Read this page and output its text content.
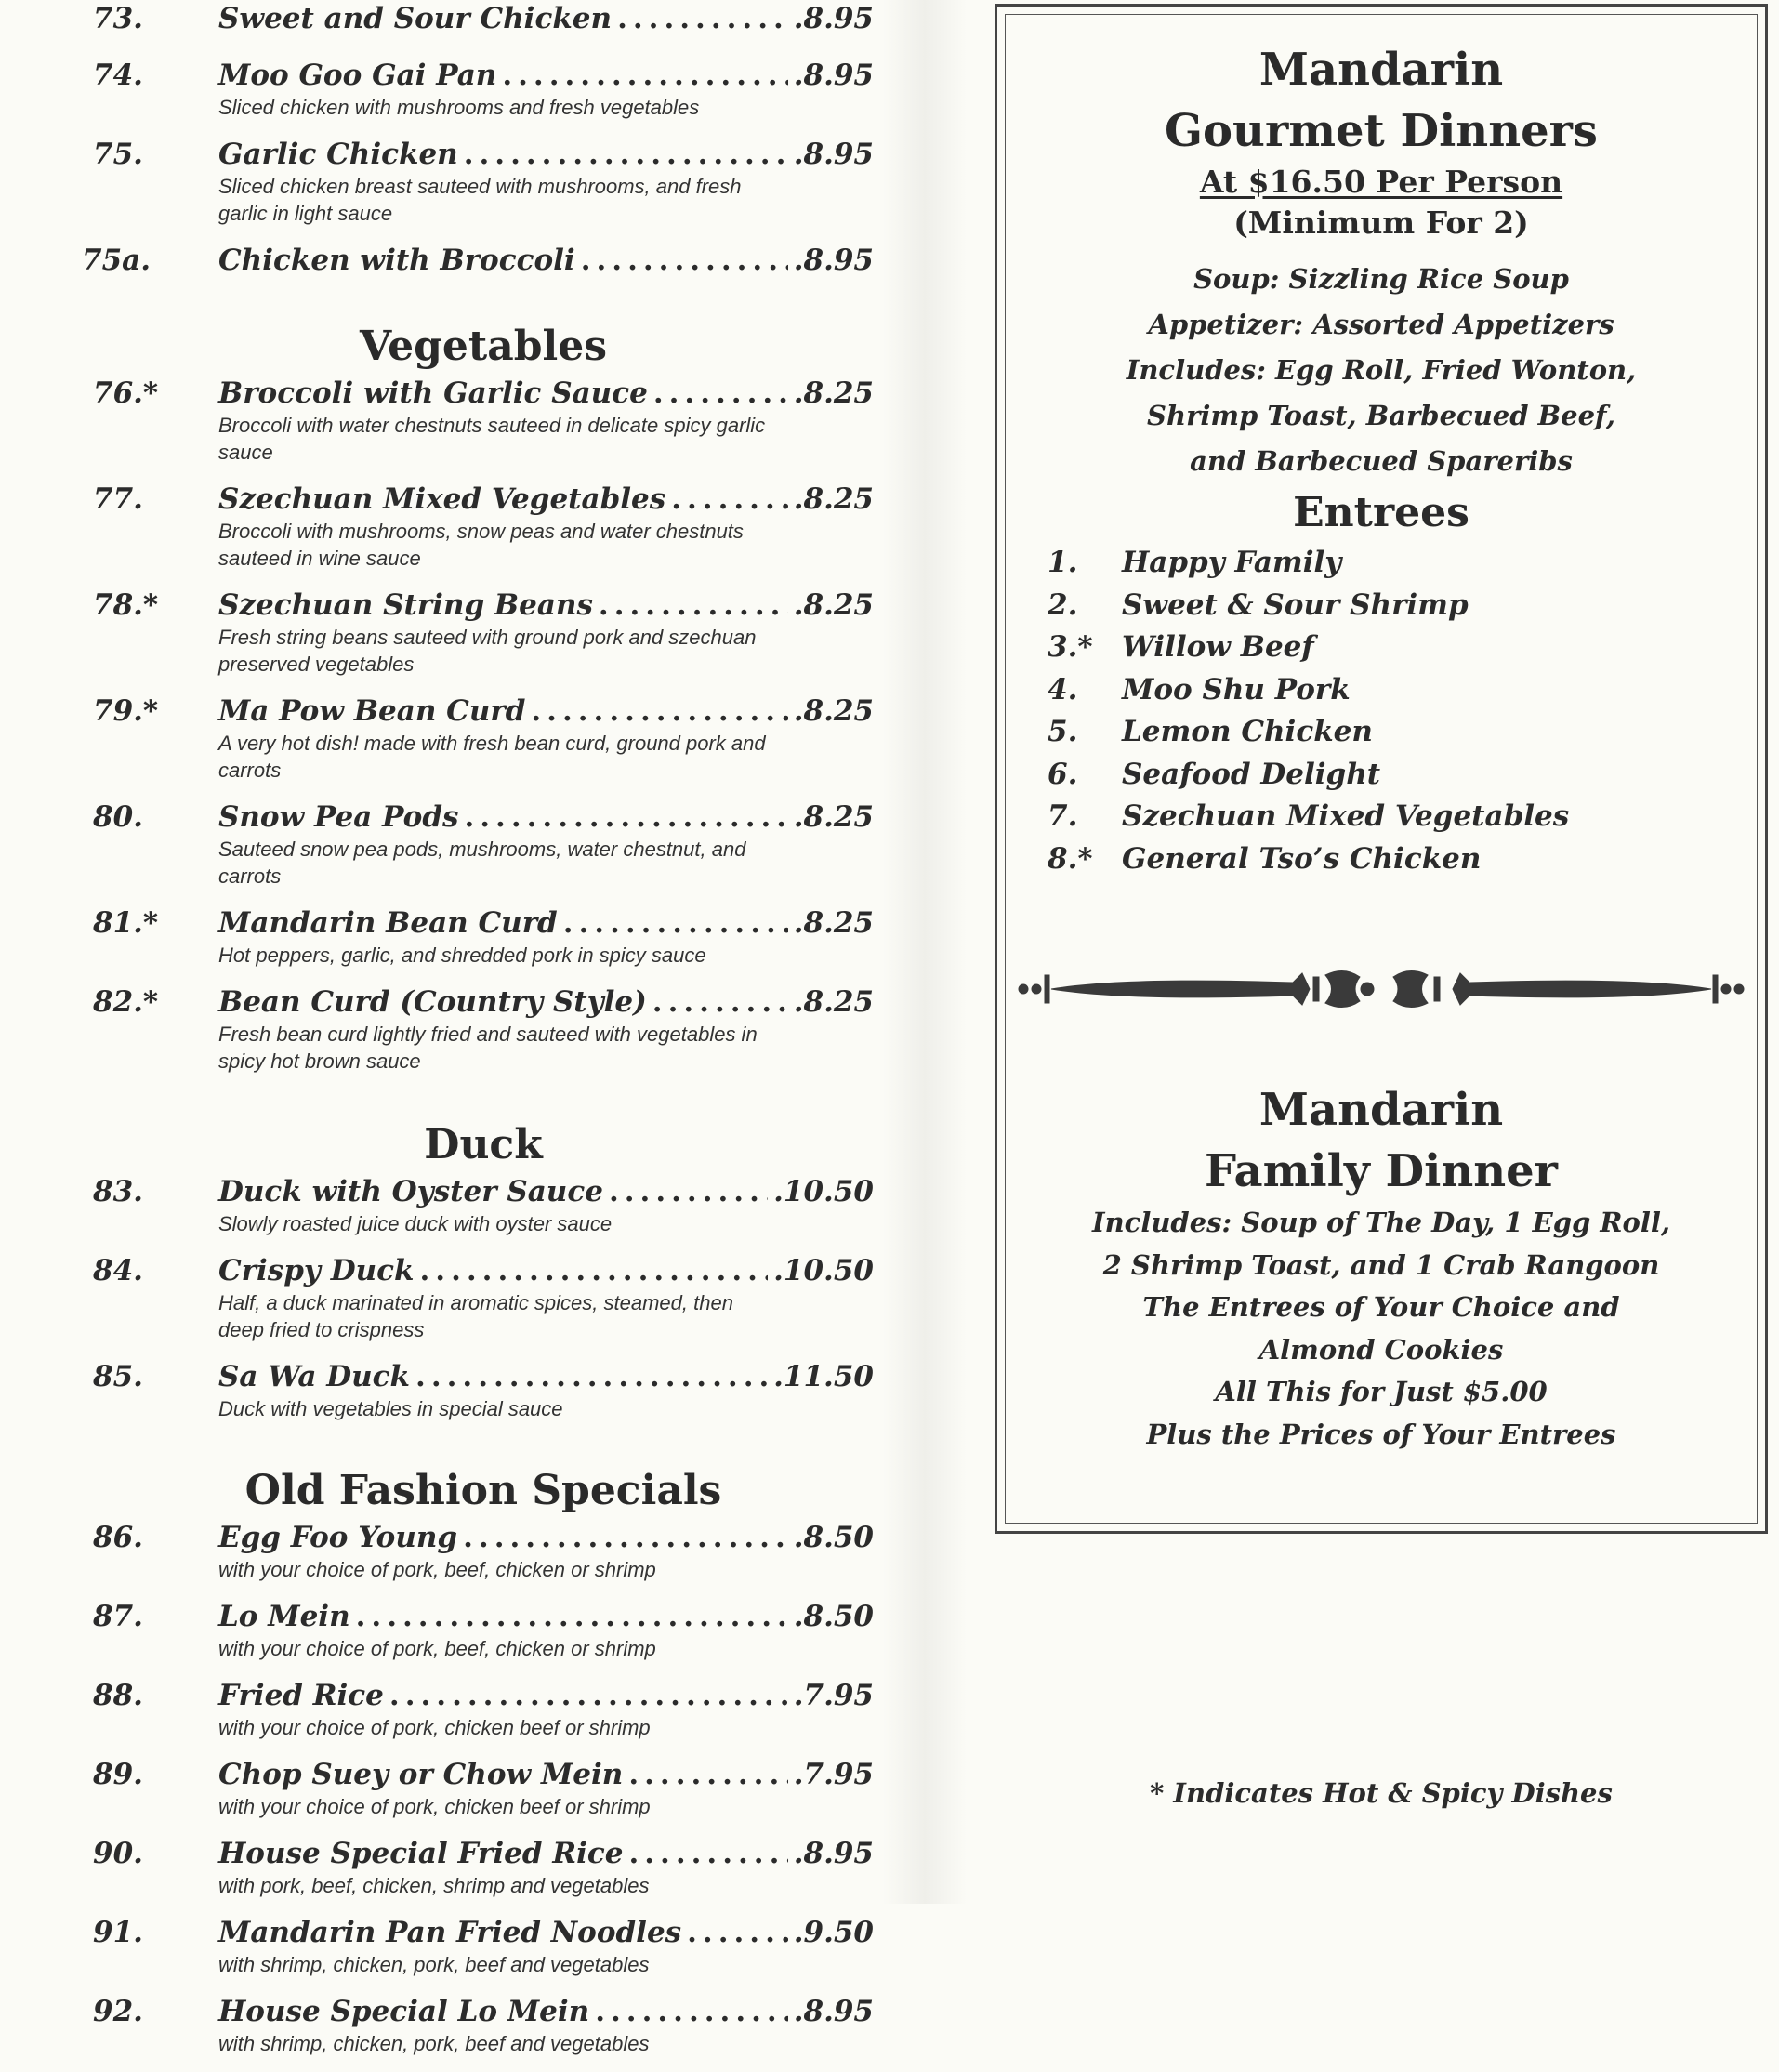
73.	Sweet and Sour Chicken .....	.8.95
74.	Moo Goo Gai Pan .....	.8.95
Sliced chicken with mushrooms and fresh vegetables
75.	Garlic Chicken .....	.8.95
Sliced chicken breast sauteed with mushrooms, and fresh
garlic in light sauce
75a.	Chicken with Broccoli .....	.8.95
Vegetables
76.*	Broccoli with Garlic Sauce .....	.8.25
Broccoli with water chestnuts sauteed in delicate spicy garlic sauce
77.	Szechuan Mixed Vegetables .....	.8.25
Broccoli with mushrooms, snow peas and water chestnuts
sauteed in wine sauce
78.*	Szechuan String Beans .....	.8.25
Fresh string beans sauteed with ground pork and szechuan
preserved vegetables
79.*	Ma Pow Bean Curd .....	.8.25
A very hot dish! made with fresh bean curd, ground pork and carrots
80.	Snow Pea Pods .....	.8.25
Sauteed snow pea pods, mushrooms, water chestnut, and carrots
81.*	Mandarin Bean Curd .....	.8.25
Hot peppers, garlic, and shredded pork in spicy sauce
82.*	Bean Curd (Country Style) .....	.8.25
Fresh bean curd lightly fried and sauteed with vegetables in
spicy hot brown sauce
Duck
83.	Duck with Oyster Sauce .....	.10.50
Slowly roasted juice duck with oyster sauce
84.	Crispy Duck .....	.10.50
Half, a duck marinated in aromatic spices, steamed, then
deep fried to crispness
85.	Sa Wa Duck .....	.11.50
Duck with vegetables in special sauce
Old Fashion Specials
86.	Egg Foo Young .....	.8.50
with your choice of pork, beef, chicken or shrimp
87.	Lo Mein .....	.8.50
with your choice of pork, beef, chicken or shrimp
88.	Fried Rice .....	.7.95
with your choice of pork, chicken beef or shrimp
89.	Chop Suey or Chow Mein .....	.7.95
with your choice of pork, chicken beef or shrimp
90.	House Special Fried Rice .....	.8.95
with pork, beef, chicken, shrimp and vegetables
91.	Mandarin Pan Fried Noodles .....	.9.50
with shrimp, chicken, pork, beef and vegetables
92.	House Special Lo Mein .....	.8.95
with shrimp, chicken, pork, beef and vegetables
Mandarin
Gourmet Dinners
At $16.50 Per Person
(Minimum For 2)
Soup: Sizzling Rice Soup
Appetizer: Assorted Appetizers
Includes: Egg Roll, Fried Wonton,
Shrimp Toast, Barbecued Beef,
and Barbecued Spareribs
Entrees
1.	Happy Family
2.	Sweet & Sour Shrimp
3.*	Willow Beef
4.	Moo Shu Pork
5.	Lemon Chicken
6.	Seafood Delight
7.	Szechuan Mixed Vegetables
8.*	General Tso’s Chicken
Mandarin
Family Dinner
Includes: Soup of The Day, 1 Egg Roll,
2 Shrimp Toast, and 1 Crab Rangoon
The Entrees of Your Choice and
Almond Cookies
All This for Just $5.00
Plus the Prices of Your Entrees
* Indicates Hot & Spicy Dishes
